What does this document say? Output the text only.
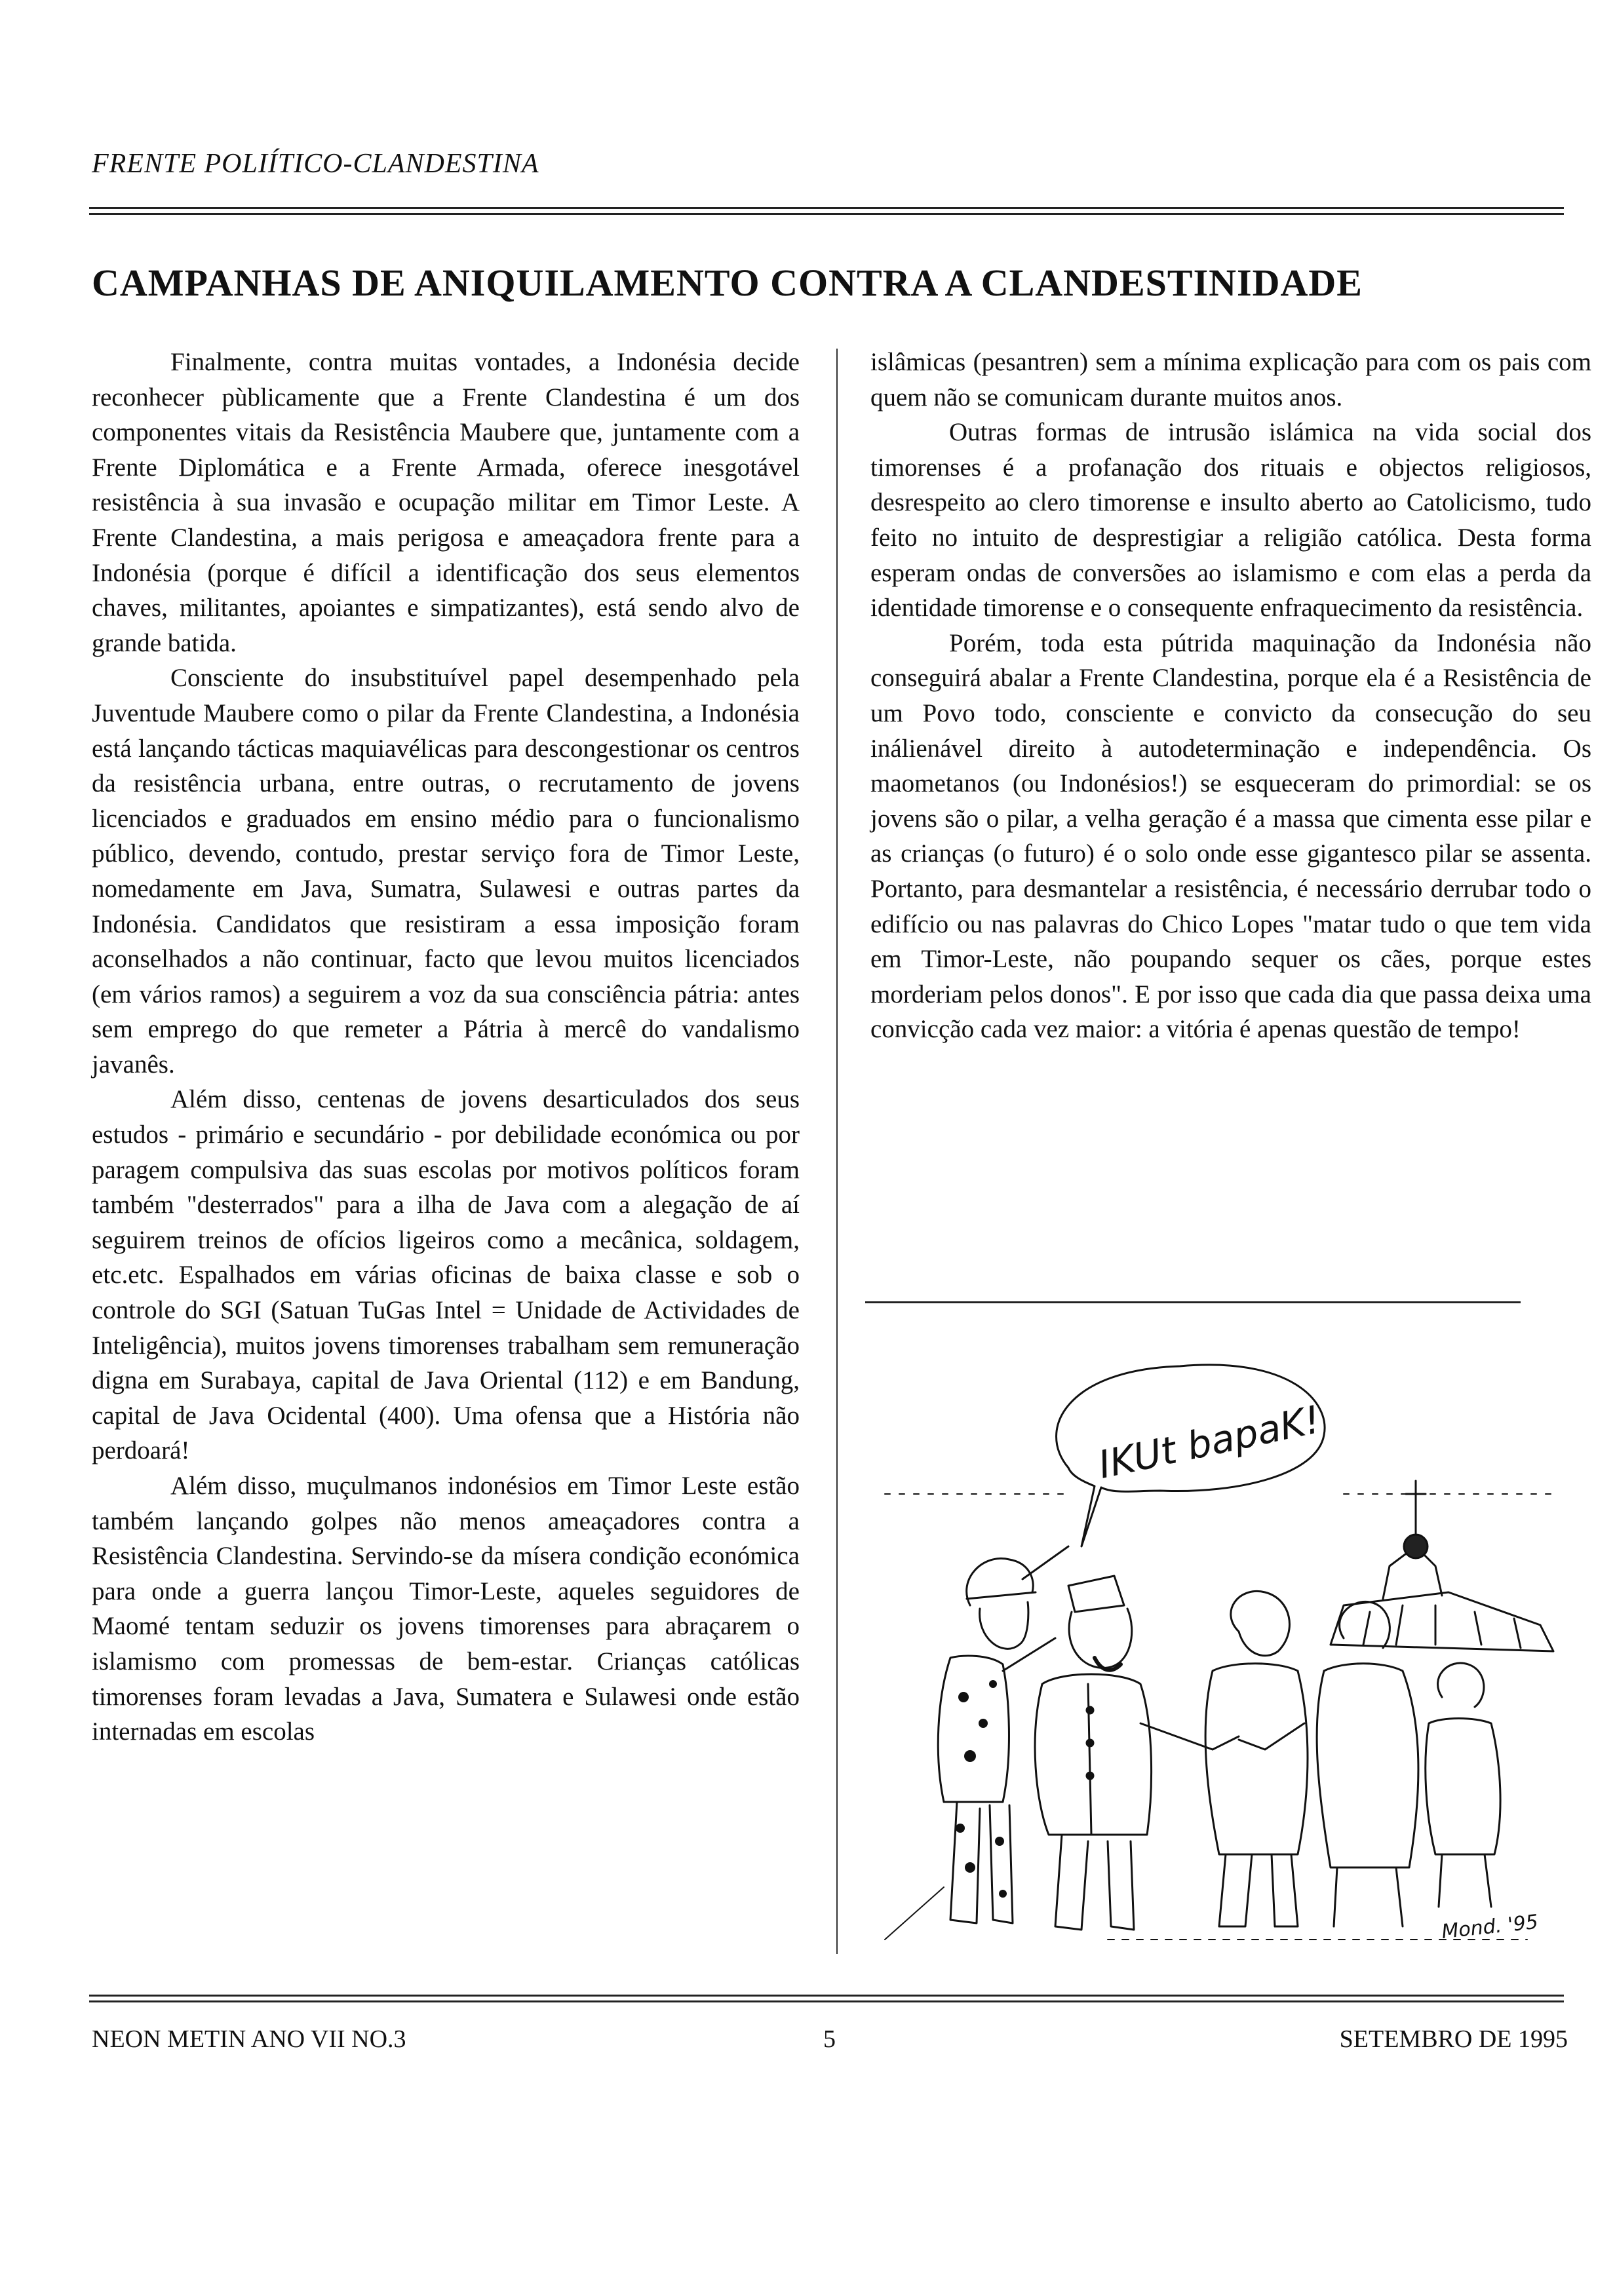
FRENTE POLIÍTICO-CLANDESTINA
CAMPANHAS DE ANIQUILAMENTO CONTRA A CLANDESTINIDADE

Finalmente, contra muitas vontades, a Indonésia decide reconhecer pùblicamente que a Frente Clandestina é um dos componentes vitais da Resistência Maubere que, juntamente com a Frente Diplomática e a Frente Armada, oferece inesgotável resistência à sua invasão e ocupação militar em Timor Leste. A Frente Clandestina, a mais perigosa e ameaçadora frente para a Indonésia (porque é difícil a identificação dos seus elementos chaves, militantes, apoiantes e simpatizantes), está sendo alvo de grande batida.

Consciente do insubstituível papel desempenhado pela Juventude Maubere como o pilar da Frente Clandestina, a Indonésia está lançando tácticas maquiavélicas para descongestionar os centros da resistência urbana, entre outras, o recrutamento de jovens licenciados e graduados em ensino médio para o funcionalismo público, devendo, contudo, prestar serviço fora de Timor Leste, nomedamente em Java, Sumatra, Sulawesi e outras partes da Indonésia. Candidatos que resistiram a essa imposição foram aconselhados a não continuar, facto que levou muitos licenciados (em vários ramos) a seguirem a voz da sua consciência pátria: antes sem emprego do que remeter a Pátria à mercê do vandalismo javanês.

Além disso, centenas de jovens desarticulados dos seus estudos - primário e secundário - por debilidade económica ou por paragem compulsiva das suas escolas por motivos políticos foram também "desterrados" para a ilha de Java com a alegação de aí seguirem treinos de ofícios ligeiros como a mecânica, soldagem, etc.etc. Espalhados em várias oficinas de baixa classe e sob o controle do SGI (Satuan TuGas Intel = Unidade de Actividades de Inteligência), muitos jovens timorenses trabalham sem remuneração digna em Surabaya, capital de Java Oriental (112) e em Bandung, capital de Java Ocidental (400). Uma ofensa que a História não perdoará!

Além disso, muçulmanos indonésios em Timor Leste estão também lançando golpes não menos ameaçadores contra a Resistência Clandestina. Servindo-se da mísera condição económica para onde a guerra lançou Timor-Leste, aqueles seguidores de Maomé tentam seduzir os jovens timorenses para abraçarem o islamismo com promessas de bem-estar. Crianças católicas timorenses foram levadas a Java, Sumatera e Sulawesi onde estão internadas em escolas

islâmicas (pesantren) sem a mínima explicação para com os pais com quem não se comunicam durante muitos anos.

Outras formas de intrusão islámica na vida social dos timorenses é a profanação dos rituais e objectos religiosos, desrespeito ao clero timorense e insulto aberto ao Catolicismo, tudo feito no intuito de desprestigiar a religião católica. Desta forma esperam ondas de conversões ao islamismo e com elas a perda da identidade timorense e o consequente enfraquecimento da resistência.

Porém, toda esta pútrida maquinação da Indonésia não conseguirá abalar a Frente Clandestina, porque ela é a Resistência de um Povo todo, consciente e convicto da consecução do seu inálienável direito à autodeterminação e independência. Os maometanos (ou Indonésios!) se esqueceram do primordial: se os jovens são o pilar, a velha geração é a massa que cimenta esse pilar e as crianças (o futuro) é o solo onde esse gigantesco pilar se assenta. Portanto, para desmantelar a resistência, é necessário derrubar todo o edifício ou nas palavras do Chico Lopes "matar tudo o que tem vida em Timor-Leste, não poupando sequer os cães, porque estes morderiam pelos donos". E por isso que cada dia que passa deixa uma convicção cada vez maior: a vitória é apenas questão de tempo!

IKUt bapaK!
Mond. '95
NEON METIN ANO VII NO.3	5	SETEMBRO DE 1995
